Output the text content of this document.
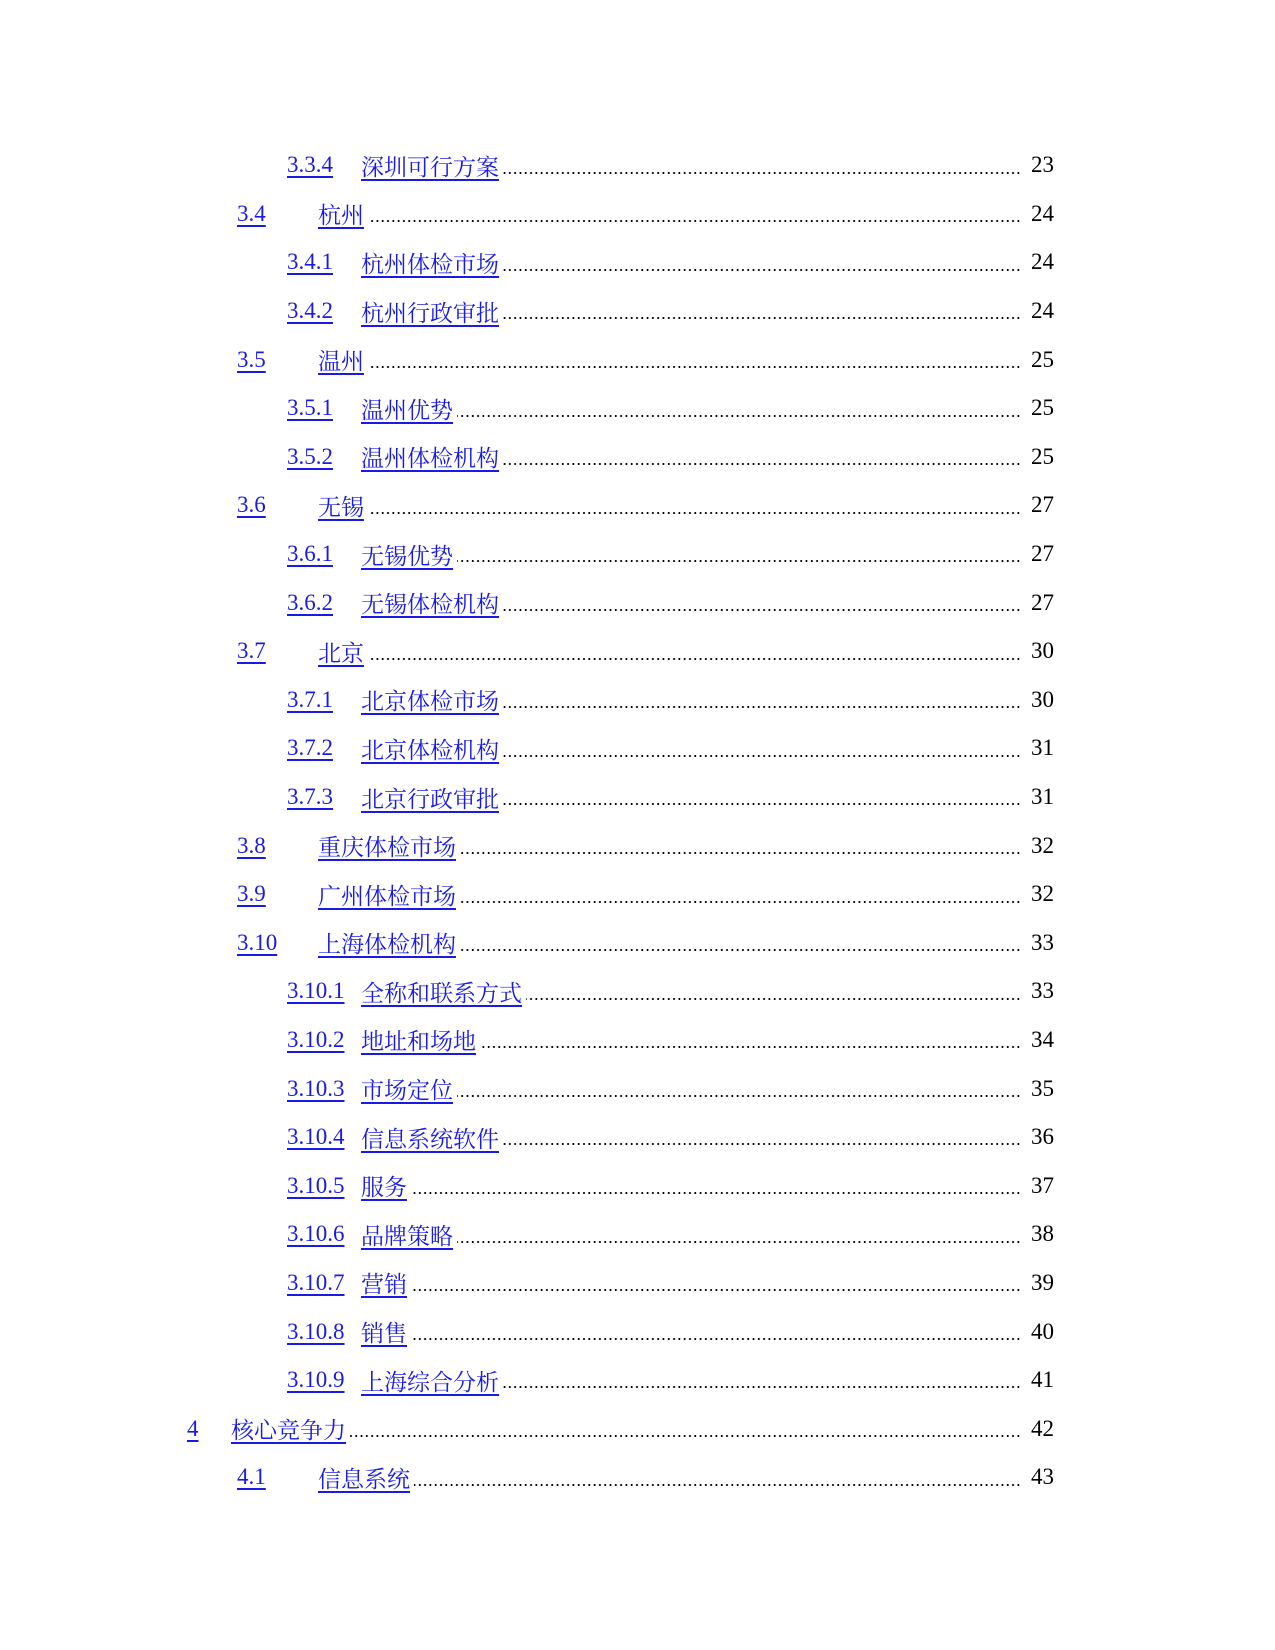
3.3.4 深圳可行方案	23
3.4 杭州	24
3.4.1 杭州体检市场	24
3.4.2 杭州行政审批	24
3.5 温州	25
3.5.1 温州优势	25
3.5.2 温州体检机构	25
3.6 无锡	27
3.6.1 无锡优势	27
3.6.2 无锡体检机构	27
3.7 北京	30
3.7.1 北京体检市场	30
3.7.2 北京体检机构	31
3.7.3 北京行政审批	31
3.8 重庆体检市场	32
3.9 广州体检市场	32
3.10 上海体检机构	33
3.10.1 全称和联系方式	33
3.10.2 地址和场地	34
3.10.3 市场定位	35
3.10.4 信息系统软件	36
3.10.5 服务	37
3.10.6 品牌策略	38
3.10.7 营销	39
3.10.8 销售	40
3.10.9 上海综合分析	41
4 核心竞争力	42
4.1 信息系统	43
